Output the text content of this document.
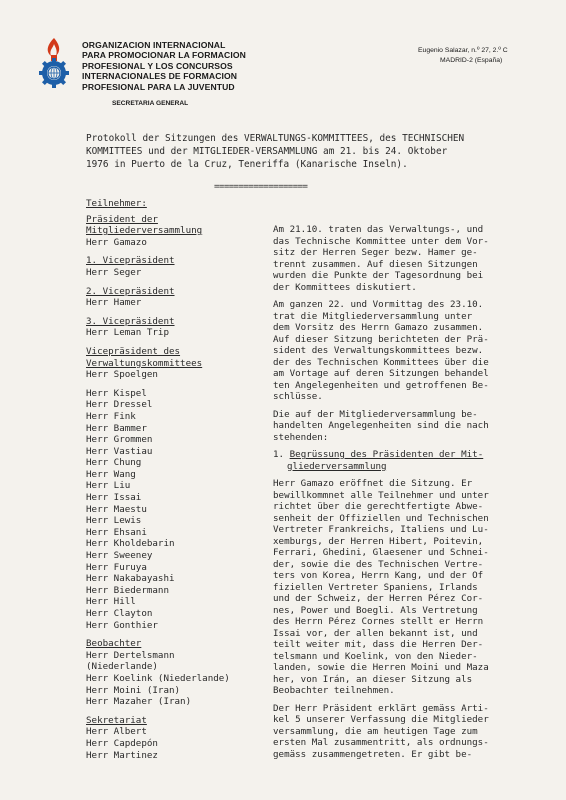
ORGANIZACION INTERNACIONAL
PARA PROMOCIONAR LA FORMACION
PROFESIONAL Y LOS CONCURSOS
INTERNACIONALES DE FORMACION
PROFESIONAL PARA LA JUVENTUD
SECRETARIA GENERAL
Eugenio Salazar, n.º 27, 2.º C
MADRID-2 (España)
Protokoll der Sitzungen des VERWALTUNGS-KOMMITTEES, des TECHNISCHEN
KOMMITTEES und der MITGLIEDER-VERSAMMLUNG am 21. bis 24. Oktober
1976 in Puerto de la Cruz, Teneriffa (Kanarische Inseln).
===================
Teilnehmer:
Präsident der
Mitgliederversammlung
Herr Gamazo
1. Vicepräsident
Herr Seger
2. Vicepräsident
Herr Hamer
3. Vicepräsident
Herr Leman Trip
Vicepräsident des
Verwaltungskommittees
Herr Spoelgen
Herr Kispel
Herr Dressel
Herr Fink
Herr Bammer
Herr Grommen
Herr Vastiau
Herr Chung
Herr Wang
Herr Liu
Herr Issai
Herr Maestu
Herr Lewis
Herr Ehsani
Herr Kholdebarin
Herr Sweeney
Herr Furuya
Herr Nakabayashi
Herr Biedermann
Herr Hill
Herr Clayton
Herr Gonthier
Beobachter
Herr Dertelsmann
(Niederlande)
Herr Koelink (Niederlande)
Herr Moini (Iran)
Herr Mazaher (Iran)
Sekretariat
Herr Albert
Herr Capdepón
Herr Martinez
Am 21.10. traten das Verwaltungs-, und
das Technische Kommittee unter dem Vor-
sitz der Herren Seger bezw. Hamer ge-
trennt zusammen. Auf diesen Sitzungen
wurden die Punkte der Tagesordnung bei
der Kommittees diskutiert.
Am ganzen 22. und Vormittag des 23.10.
trat die Mitgliederversammlung unter
dem Vorsitz des Herrn Gamazo zusammen.
Auf dieser Sitzung berichteten der Prä-
sident des Verwaltungskommittees bezw.
der des Technischen Kommittees über die
am Vortage auf deren Sitzungen behandel
ten Angelegenheiten und getroffenen Be-
schlüsse.
Die auf der Mitgliederversammlung be-
handelten Angelegenheiten sind die nach
stehenden:
1. Begrüssung des Präsidenten der Mit-
gliederversammlung
Herr Gamazo eröffnet die Sitzung. Er
bewillkommnet alle Teilnehmer und unter
richtet über die gerechtfertigte Abwe-
senheit der Offiziellen und Technischen
Vertreter Frankreichs, Italiens und Lu-
xemburgs, der Herren Hibert, Poitevin,
Ferrari, Ghedini, Glaesener und Schnei-
der, sowie die des Technischen Vertre-
ters von Korea, Herrn Kang, und der Of
fiziellen Vertreter Spaniens, Irlands
und der Schweiz, der Herren Pérez Cor-
nes, Power und Boegli. Als Vertretung
des Herrn Pérez Cornes stellt er Herrn
Issai vor, der allen bekannt ist, und
teilt weiter mit, dass die Herren Der-
telsmann und Koelink, von den Nieder-
landen, sowie die Herren Moini und Maza
her, von Irán, an dieser Sitzung als
Beobachter teilnehmen.
Der Herr Präsident erklärt gemäss Arti-
kel 5 unserer Verfassung die Mitglieder
versammlung, die am heutigen Tage zum
ersten Mal zusammentritt, als ordnungs-
gemäss zusammengetreten. Er gibt be-
